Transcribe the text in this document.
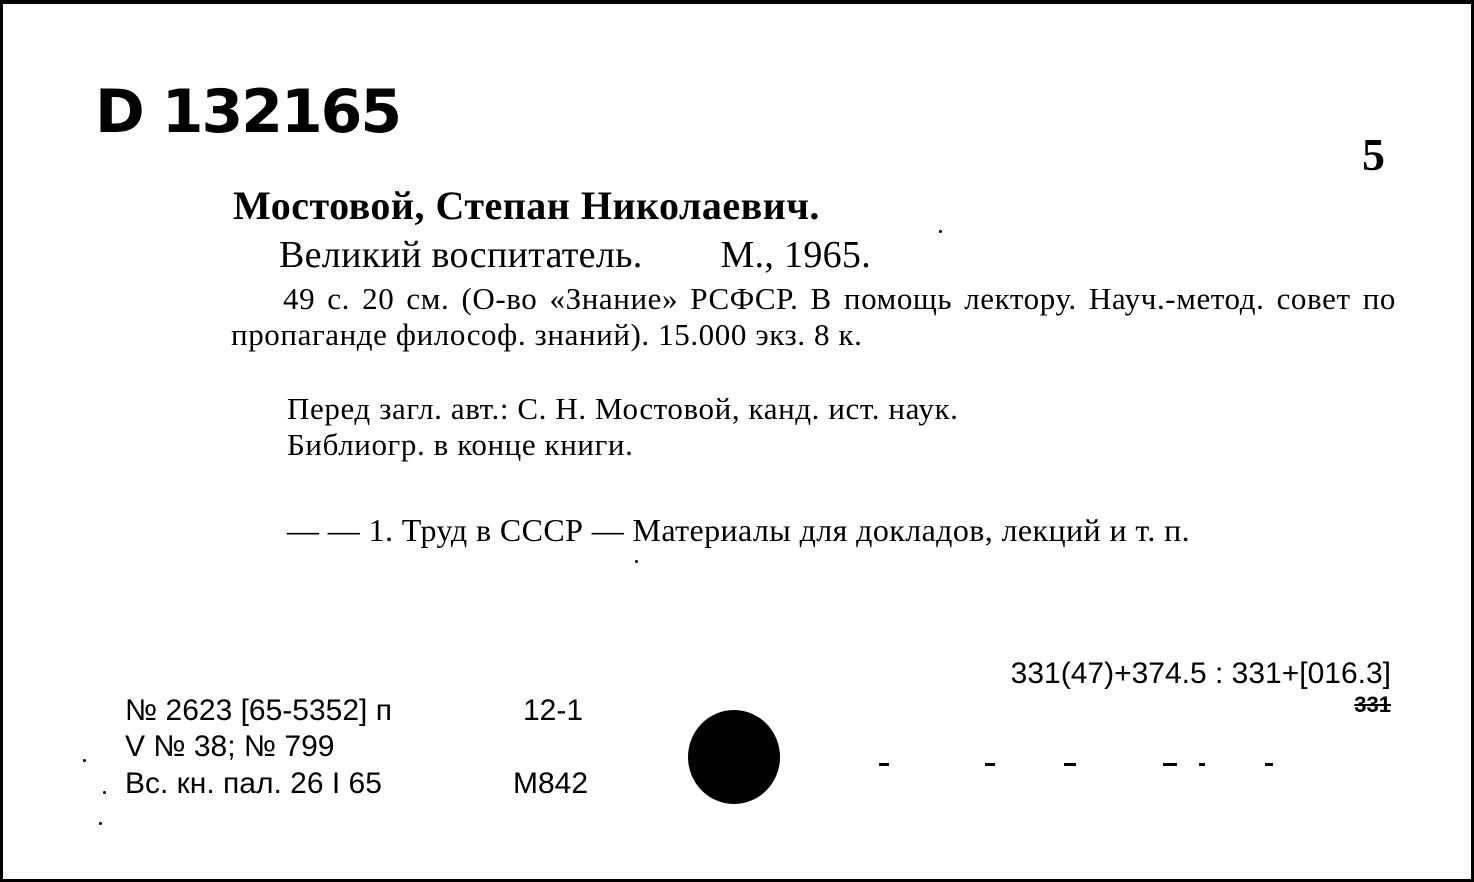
D 132165
5
Мостовой, Степан Николаевич.
Великий воспитатель. М., 1965.

49 с. 20 см. (О-во «Знание» РСФСР. В помощь лектору. Науч.-метод. совет по пропаганде философ. знаний). 15.000 экз. 8 к.

Перед загл. авт.: С. Н. Мостовой, канд. ист. наук.
Библиогр. в конце книги.
— — 1. Труд в СССР — Материалы для докладов, лекций и т. п.
331(47)+374.5 : 331+[016.3]
331
№ 2623 [65-5352] п	12-1
V № 38; № 799
Вс. кн. пал. 26 I 65	М842
